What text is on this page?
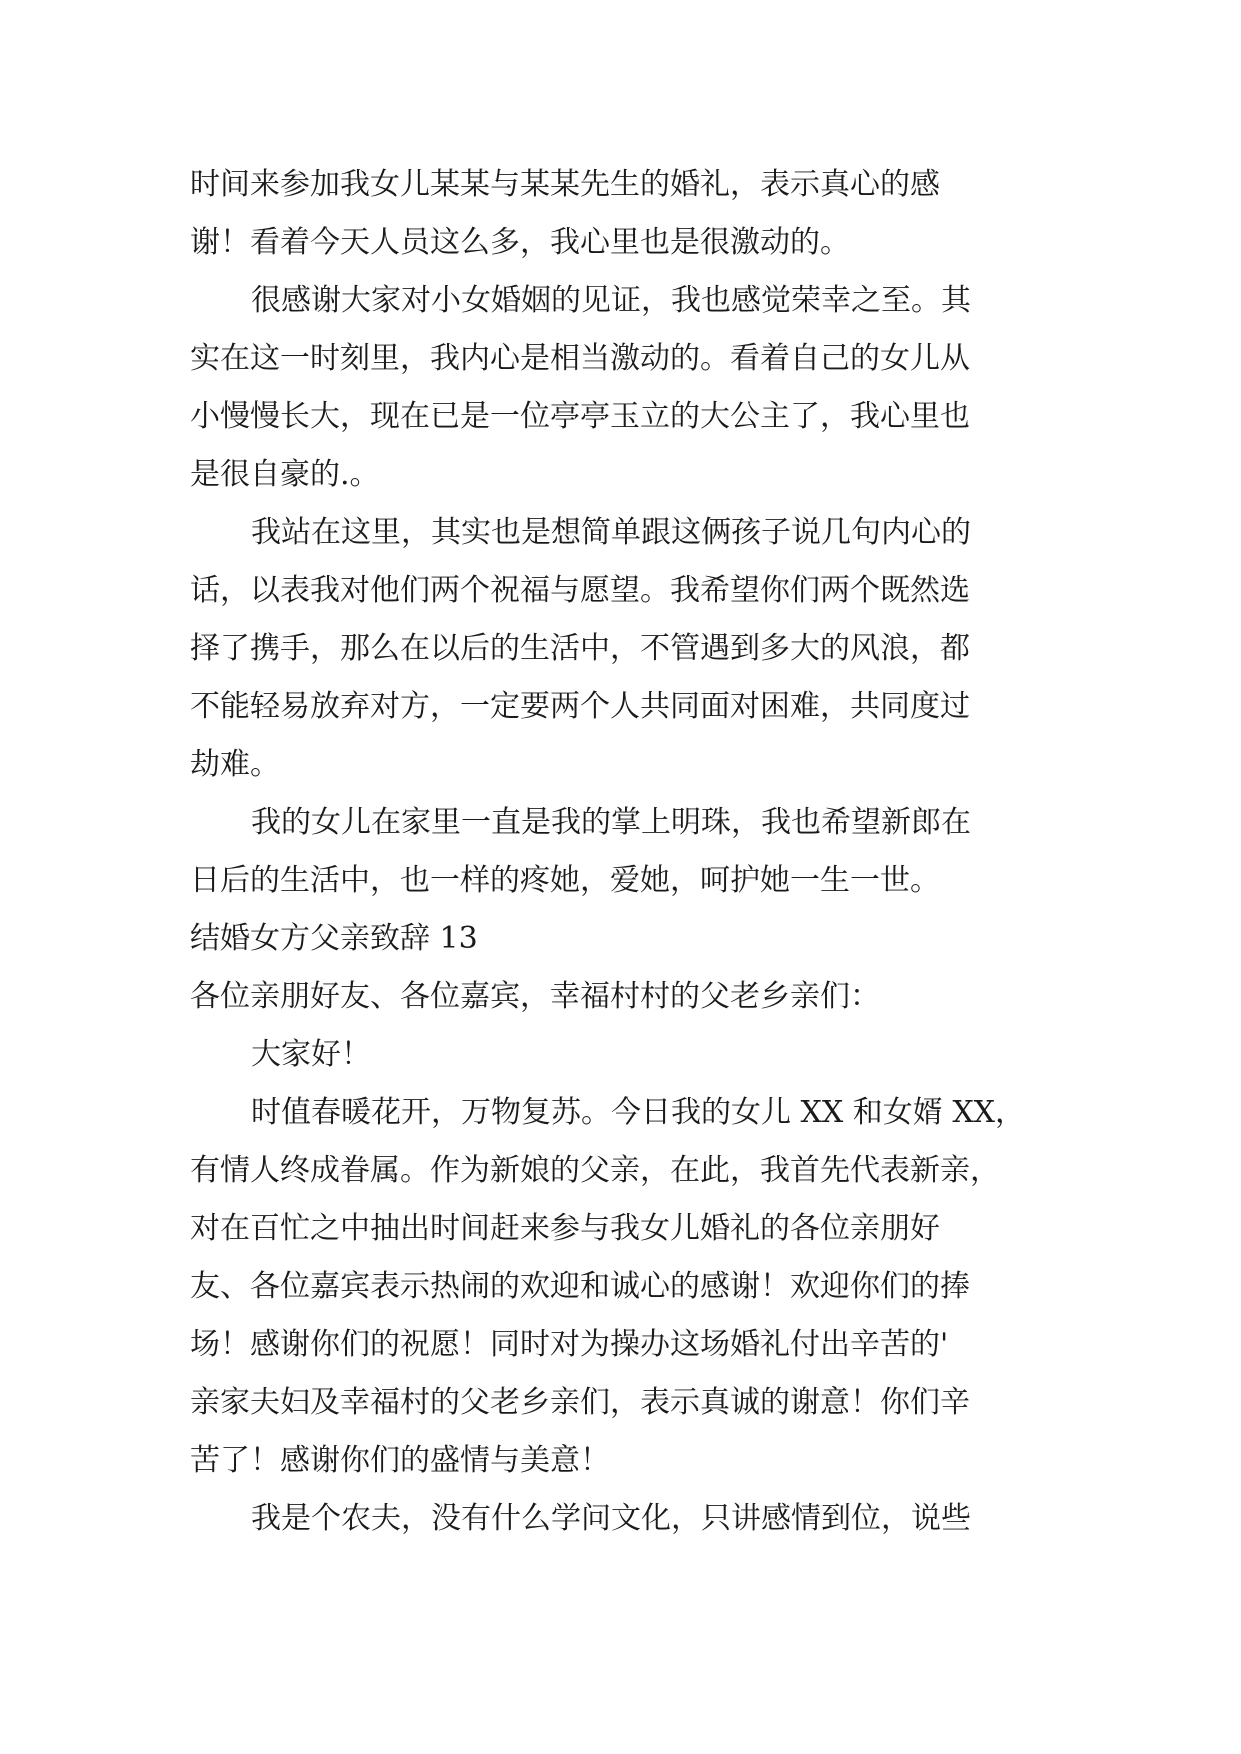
时间来参加我女儿某某与某某先生的婚礼，表示真心的感
谢！看着今天人员这么多，我心里也是很激动的。
很感谢大家对小女婚姻的见证，我也感觉荣幸之至。其
实在这一时刻里，我内心是相当激动的。看着自己的女儿从
小慢慢长大，现在已是一位亭亭玉立的大公主了，我心里也
是很自豪的.。
我站在这里，其实也是想简单跟这俩孩子说几句内心的
话，以表我对他们两个祝福与愿望。我希望你们两个既然选
择了携手，那么在以后的生活中，不管遇到多大的风浪，都
不能轻易放弃对方，一定要两个人共同面对困难，共同度过
劫难。
我的女儿在家里一直是我的掌上明珠，我也希望新郎在
日后的生活中，也一样的疼她，爱她，呵护她一生一世。
结婚女方父亲致辞 13
各位亲朋好友、各位嘉宾，幸福村村的父老乡亲们：
大家好！
时值春暖花开，万物复苏。今日我的女儿 XX 和女婿 XX，
有情人终成眷属。作为新娘的父亲，在此，我首先代表新亲，
对在百忙之中抽出时间赶来参与我女儿婚礼的各位亲朋好
友、各位嘉宾表示热闹的欢迎和诚心的感谢！欢迎你们的捧
场！感谢你们的祝愿！同时对为操办这场婚礼付出辛苦的'
亲家夫妇及幸福村的父老乡亲们，表示真诚的谢意！你们辛
苦了！感谢你们的盛情与美意！
我是个农夫，没有什么学问文化，只讲感情到位，说些
